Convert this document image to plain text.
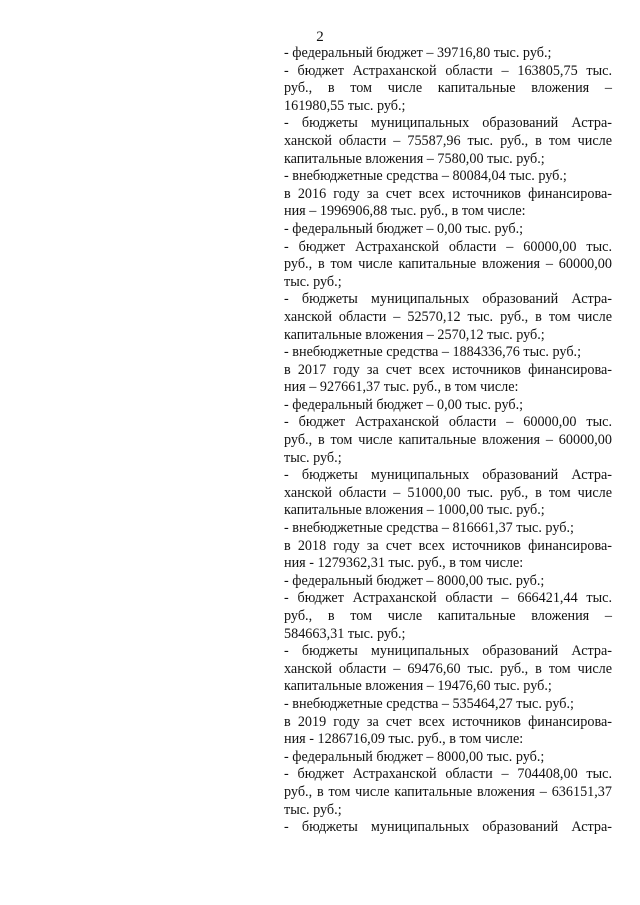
2
- федеральный бюджет – 39716,80 тыс. руб.;
- бюджет Астраханской области – 163805,75 тыс.
руб., в том числе капитальные вложения –
161980,55 тыс. руб.;
- бюджеты муниципальных образований Астра-
ханской области – 75587,96 тыс. руб., в том числе
капитальные вложения – 7580,00 тыс. руб.;
- внебюджетные средства – 80084,04 тыс. руб.;
в 2016 году за счет всех источников финансирова-
ния – 1996906,88 тыс. руб., в том числе:
- федеральный бюджет – 0,00 тыс. руб.;
- бюджет Астраханской области – 60000,00 тыс.
руб., в том числе капитальные вложения – 60000,00
тыс. руб.;
- бюджеты муниципальных образований Астра-
ханской области – 52570,12 тыс. руб., в том числе
капитальные вложения – 2570,12 тыс. руб.;
- внебюджетные средства – 1884336,76 тыс. руб.;
в 2017 году за счет всех источников финансирова-
ния – 927661,37 тыс. руб., в том числе:
- федеральный бюджет – 0,00 тыс. руб.;
- бюджет Астраханской области – 60000,00 тыс.
руб., в том числе капитальные вложения – 60000,00
тыс. руб.;
- бюджеты муниципальных образований Астра-
ханской области – 51000,00 тыс. руб., в том числе
капитальные вложения – 1000,00 тыс. руб.;
- внебюджетные средства – 816661,37 тыс. руб.;
в 2018 году за счет всех источников финансирова-
ния - 1279362,31 тыс. руб., в том числе:
- федеральный бюджет – 8000,00 тыс. руб.;
- бюджет Астраханской области – 666421,44 тыс.
руб., в том числе капитальные вложения –
584663,31 тыс. руб.;
- бюджеты муниципальных образований Астра-
ханской области – 69476,60 тыс. руб., в том числе
капитальные вложения – 19476,60 тыс. руб.;
- внебюджетные средства – 535464,27 тыс. руб.;
в 2019 году за счет всех источников финансирова-
ния - 1286716,09 тыс. руб., в том числе:
- федеральный бюджет – 8000,00 тыс. руб.;
- бюджет Астраханской области – 704408,00 тыс.
руб., в том числе капитальные вложения – 636151,37
тыс. руб.;
- бюджеты муниципальных образований Астра-
